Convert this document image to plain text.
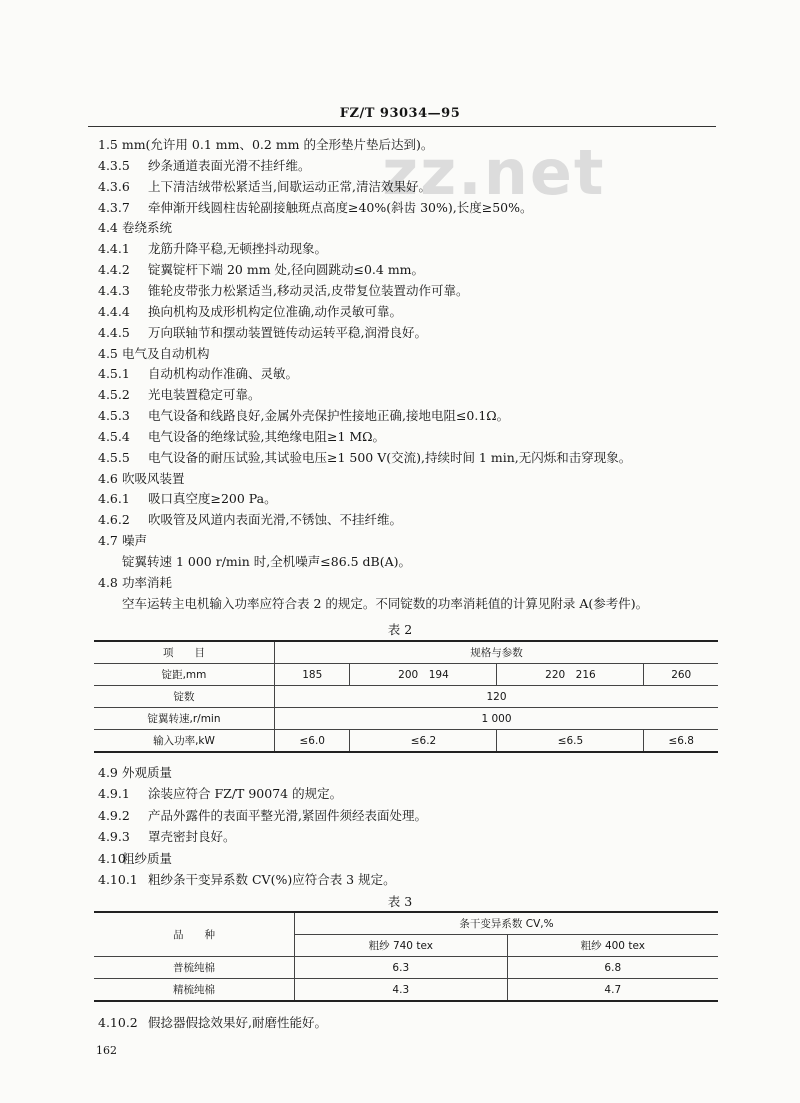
FZ/T 93034—95
zz.net
1.5 mm(允许用 0.1 mm、0.2 mm 的全形垫片垫后达到)。
4.3.5 纱条通道表面光滑不挂纤维。
4.3.6 上下清洁绒带松紧适当,间歇运动正常,清洁效果好。
4.3.7 牵伸渐开线圆柱齿轮副接触斑点高度≥40%(斜齿 30%),长度≥50%。
4.4 卷绕系统
4.4.1 龙筋升降平稳,无顿挫抖动现象。
4.4.2 锭翼锭杆下端 20 mm 处,径向圆跳动≤0.4 mm。
4.4.3 锥轮皮带张力松紧适当,移动灵活,皮带复位装置动作可靠。
4.4.4 换向机构及成形机构定位准确,动作灵敏可靠。
4.4.5 万向联轴节和摆动装置链传动运转平稳,润滑良好。
4.5 电气及自动机构
4.5.1 自动机构动作准确、灵敏。
4.5.2 光电装置稳定可靠。
4.5.3 电气设备和线路良好,金属外壳保护性接地正确,接地电阻≤0.1Ω。
4.5.4 电气设备的绝缘试验,其绝缘电阻≥1 MΩ。
4.5.5 电气设备的耐压试验,其试验电压≥1 500 V(交流),持续时间 1 min,无闪烁和击穿现象。
4.6 吹吸风装置
4.6.1 吸口真空度≥200 Pa。
4.6.2 吹吸管及风道内表面光滑,不锈蚀、不挂纤维。
4.7 噪声
锭翼转速 1 000 r/min 时,全机噪声≤86.5 dB(A)。
4.8 功率消耗
空车运转主电机输入功率应符合表 2 的规定。不同锭数的功率消耗值的计算见附录 A(参考件)。
表 2
项　　目	规格与参数			
锭距,mm	185	200　194	220　216	260
锭数	120			
锭翼转速,r/min	1 000			
输入功率,kW	≤6.0	≤6.2	≤6.5	≤6.8
4.9 外观质量
4.9.1 涂装应符合 FZ/T 90074 的规定。
4.9.2 产品外露件的表面平整光滑,紧固件须经表面处理。
4.9.3 罩壳密封良好。
4.10粗纱质量
4.10.1 粗纱条干变异系数 CV(%)应符合表 3 规定。
表 3
品　　种	条干变异系数 CV,%	
	粗纱 740 tex	粗纱 400 tex
普梳纯棉	6.3	6.8
精梳纯棉	4.3	4.7
4.10.2 假捻器假捻效果好,耐磨性能好。
162
